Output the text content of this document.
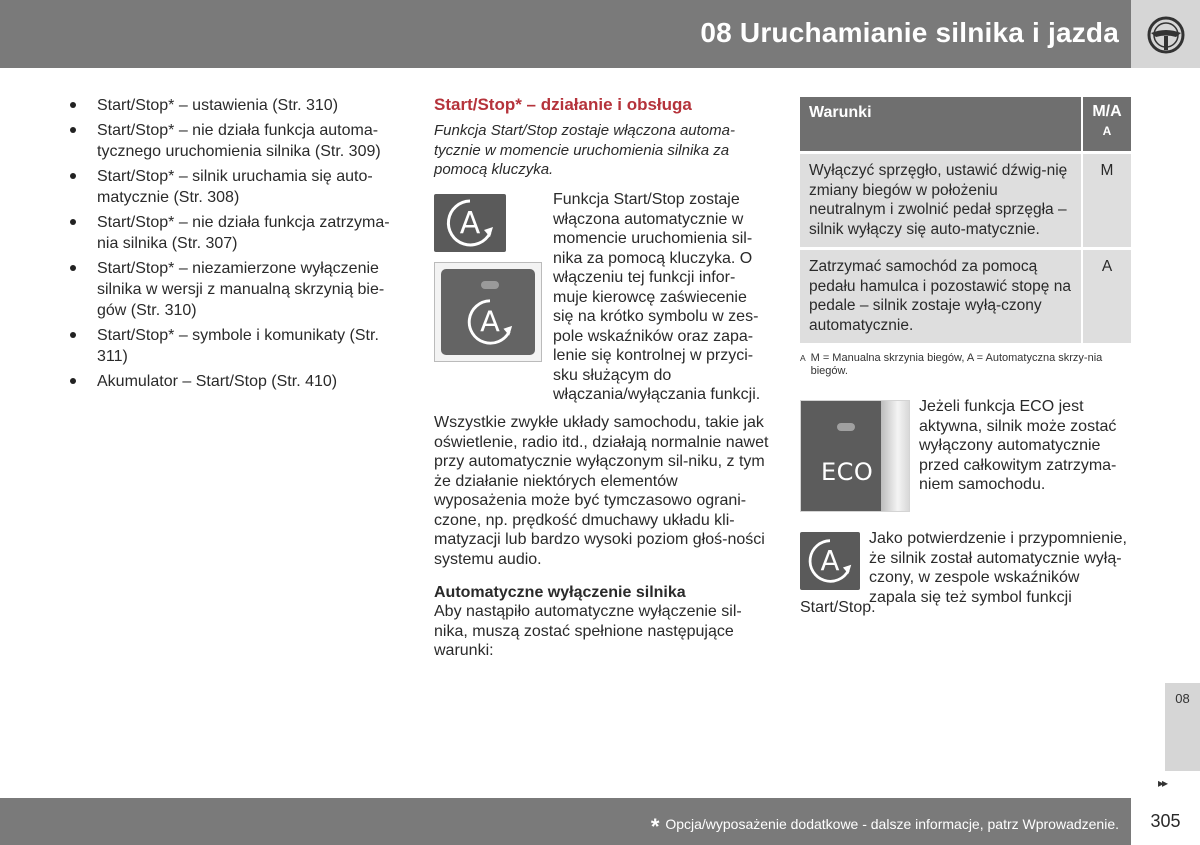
08 Uruchamianie silnika i jazda
Start/Stop* – ustawienia (Str. 310)
Start/Stop* – nie działa funkcja automa-tycznego uruchomienia silnika (Str. 309)
Start/Stop* – silnik uruchamia się auto-matycznie (Str. 308)
Start/Stop* – nie działa funkcja zatrzyma-nia silnika (Str. 307)
Start/Stop* – niezamierzone wyłączenie silnika w wersji z manualną skrzynią bie-gów (Str. 310)
Start/Stop* – symbole i komunikaty (Str. 311)
Akumulator – Start/Stop (Str. 410)
Start/Stop* – działanie i obsługa

Funkcja Start/Stop zostaje włączona automa-tycznie w momencie uruchomienia silnika za pomocą kluczyka.

A
A

Funkcja Start/Stop zostaje włączona automatycznie w momencie uruchomienia sil-nika za pomocą kluczyka. O włączeniu tej funkcji infor-muje kierowcę zaświecenie się na krótko symbolu w zes-pole wskaźników oraz zapa-lenie się kontrolnej w przyci-sku służącym do włączania/wyłączania funkcji.

Wszystkie zwykłe układy samochodu, takie jak oświetlenie, radio itd., działają normalnie nawet przy automatycznie wyłączonym sil-niku, z tym że działanie niektórych elementów wyposażenia może być tymczasowo ograni-czone, np. prędkość dmuchawy układu kli-matyzacji lub bardzo wysoki poziom głoś-ności systemu audio.

Automatyczne wyłączenie silnika

Aby nastąpiło automatyczne wyłączenie sil-nika, muszą zostać spełnione następujące warunki:

Warunki	M/A
A

Wyłączyć sprzęgło, ustawić dźwig-nię zmiany biegów w położeniu neutralnym i zwolnić pedał sprzęgła – silnik wyłączy się auto-matycznie.	M
Zatrzymać samochód za pomocą pedału hamulca i pozostawić stopę na pedale – silnik zostaje wyłą-czony automatycznie.	A
A M = Manualna skrzynia biegów, A = Automatyczna skrzy-nia biegów.
ECO

Jeżeli funkcja ECO jest aktywna, silnik może zostać wyłączony automatycznie przed całkowitym zatrzyma-niem samochodu.

A

Jako potwierdzenie i przypomnienie, że silnik został automatycznie wyłą-czony, w zespole wskaźników zapala się też symbol funkcji

Start/Stop.

08
▸▸
* Opcja/wyposażenie dodatkowe - dalsze informacje, patrz Wprowadzenie.	305
